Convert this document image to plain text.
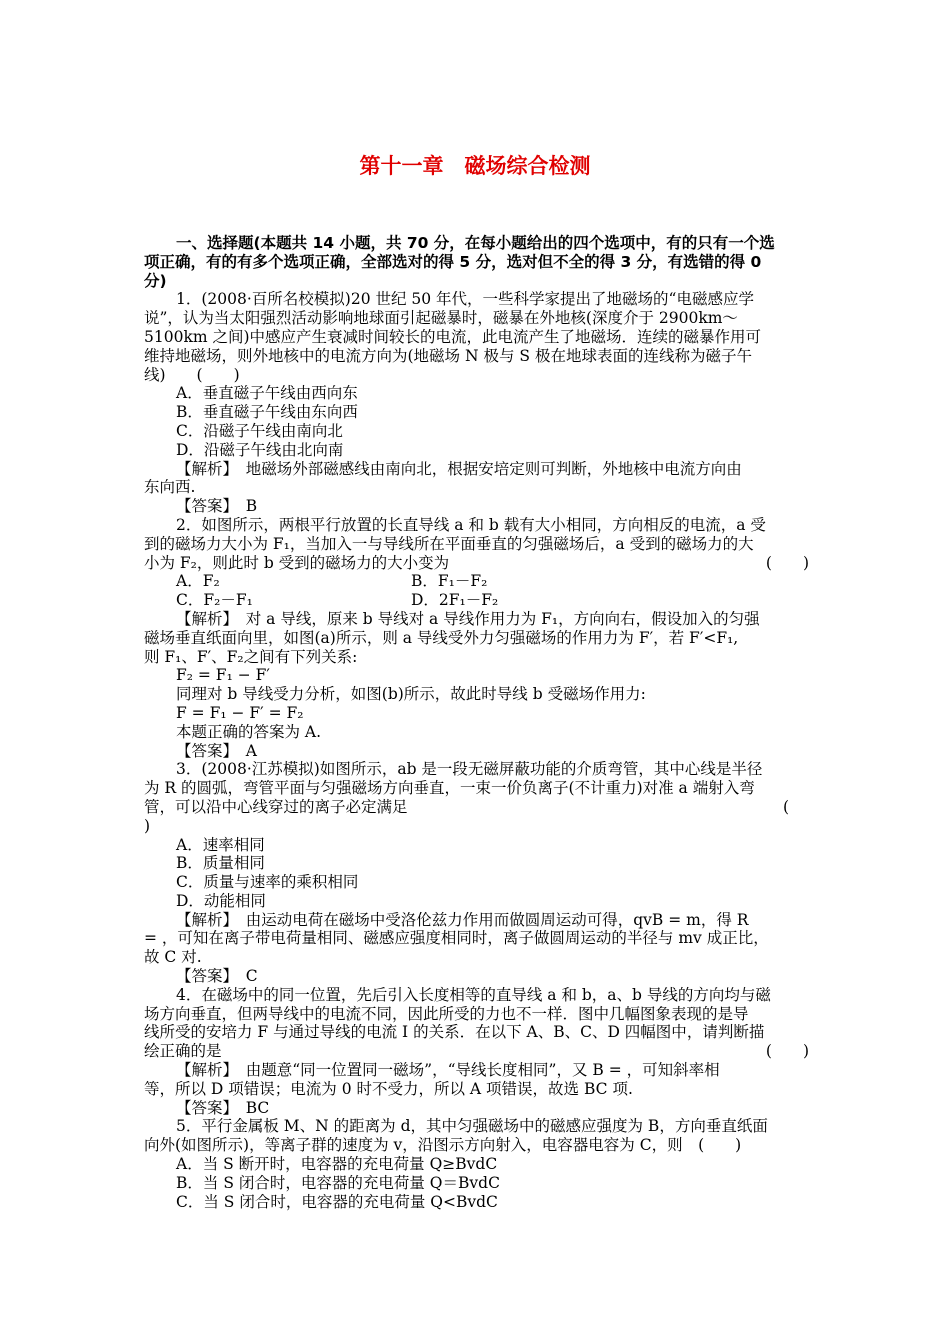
第十一章　磁场综合检测
一、选择题(本题共 14 小题，共 70 分，在每小题给出的四个选项中，有的只有一个选
项正确，有的有多个选项正确，全部选对的得 5 分，选对但不全的得 3 分，有选错的得 0
分)
1．(2008·百所名校模拟)20 世纪 50 年代，一些科学家提出了地磁场的“电磁感应学
说”，认为当太阳强烈活动影响地球面引起磁暴时，磁暴在外地核(深度介于 2900km～
5100km 之间)中感应产生衰减时间较长的电流，此电流产生了地磁场．连续的磁暴作用可
维持地磁场，则外地核中的电流方向为(地磁场 N 极与 S 极在地球表面的连线称为磁子午
线)　　(　　)
A．垂直磁子午线由西向东
B．垂直磁子午线由东向西
C．沿磁子午线由南向北
D．沿磁子午线由北向南
【解析】　地磁场外部磁感线由南向北，根据安培定则可判断，外地核中电流方向由
东向西.
【答案】　B
2．如图所示，两根平行放置的长直导线 a 和 b 载有大小相同，方向相反的电流，a 受
到的磁场力大小为 F₁，当加入一与导线所在平面垂直的匀强磁场后，a 受到的磁场力的大
小为 F₂，则此时 b 受到的磁场力的大小变为	(　　)
A．F₂	B．F₁－F₂
C．F₂－F₁	D．2F₁－F₂
【解析】　对 a 导线，原来 b 导线对 a 导线作用力为 F₁，方向向右，假设加入的匀强
磁场垂直纸面向里，如图(a)所示，则 a 导线受外力匀强磁场的作用力为 F′，若 F′<F₁,
则 F₁、F′、F₂之间有下列关系:
F₂ = F₁ − F′
同理对 b 导线受力分析，如图(b)所示，故此时导线 b 受磁场作用力:
F = F₁ − F′ = F₂
本题正确的答案为 A.
【答案】　A
3．(2008·江苏模拟)如图所示，ab 是一段无磁屏蔽功能的介质弯管，其中心线是半径
为 R 的圆弧，弯管平面与匀强磁场方向垂直，一束一价负离子(不计重力)对准 a 端射入弯
管，可以沿中心线穿过的离子必定满足	(
)
A．速率相同
B．质量相同
C．质量与速率的乘积相同
D．动能相同
【解析】　由运动电荷在磁场中受洛伦兹力作用而做圆周运动可得，qvB = m，得 R
= ，可知在离子带电荷量相同、磁感应强度相同时，离子做圆周运动的半径与 mv 成正比，
故 C 对.
【答案】　C
4．在磁场中的同一位置，先后引入长度相等的直导线 a 和 b，a、b 导线的方向均与磁
场方向垂直，但两导线中的电流不同，因此所受的力也不一样．图中几幅图象表现的是导
线所受的安培力 F 与通过导线的电流 I 的关系．在以下 A、B、C、D 四幅图中，请判断描
绘正确的是	(　　)
【解析】　由题意“同一位置同一磁场”，“导线长度相同”，又 B = ，可知斜率相
等，所以 D 项错误；电流为 0 时不受力，所以 A 项错误，故选 BC 项.
【答案】　BC
5．平行金属板 M、N 的距离为 d，其中匀强磁场中的磁感应强度为 B，方向垂直纸面
向外(如图所示)，等离子群的速度为 v，沿图示方向射入，电容器电容为 C，则　(　　)
A．当 S 断开时，电容器的充电荷量 Q≥BvdC
B．当 S 闭合时，电容器的充电荷量 Q＝BvdC
C．当 S 闭合时，电容器的充电荷量 Q<BvdC
